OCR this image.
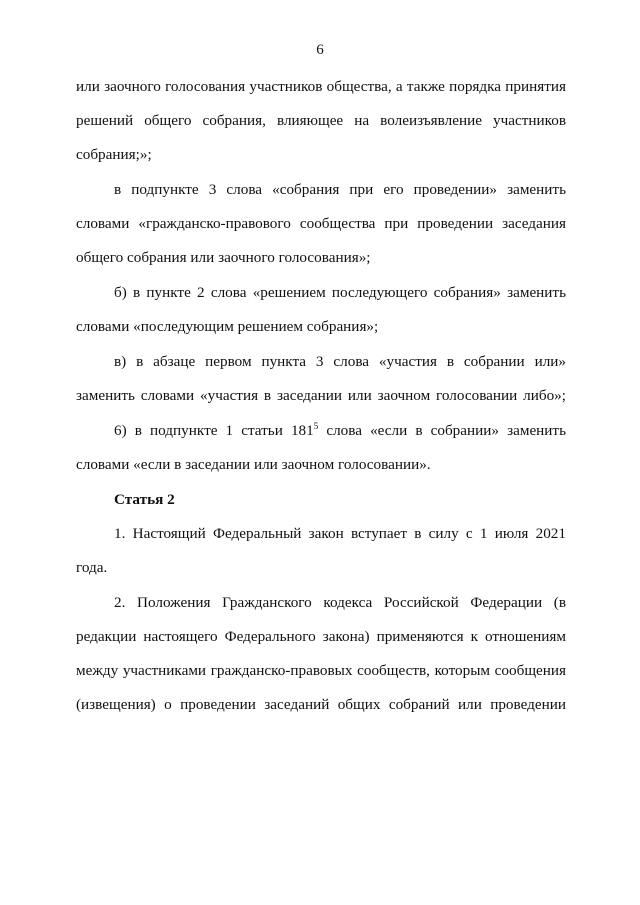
6
или заочного голосования участников общества, а также порядка принятия
решений общего собрания, влияющее на волеизъявление участников
собрания;»;
в подпункте 3 слова «собрания при его проведении» заменить
словами «гражданско-правового сообщества при проведении заседания
общего собрания или заочного голосования»;
б) в пункте 2 слова «решением последующего собрания» заменить
словами «последующим решением собрания»;
в) в абзаце первом пункта 3 слова «участия в собрании или»
заменить словами «участия в заседании или заочном голосовании либо»;
6) в подпункте 1 статьи $181^5$ слова «если в собрании» заменить
словами «если в заседании или заочном голосовании».
Статья 2
1. Настоящий Федеральный закон вступает в силу с 1 июля 2021
года.
2. Положения Гражданского кодекса Российской Федерации (в
редакции настоящего Федерального закона) применяются к отношениям
между участниками гражданско-правовых сообществ, которым сообщения
(извещения) о проведении заседаний общих собраний или проведении
